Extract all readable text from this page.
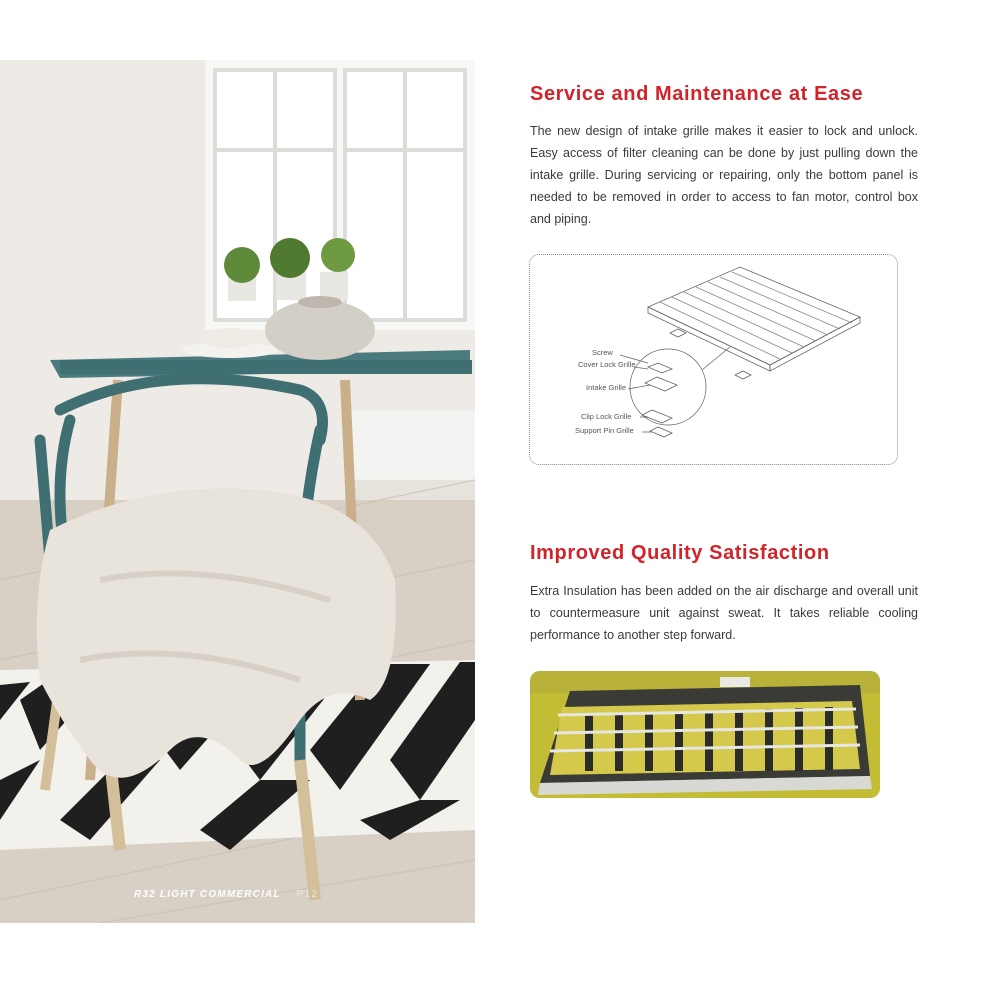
R32 LIGHT COMMERCIAL / P12
Service and Maintenance at Ease

The new design of intake grille makes it easier to lock and unlock. Easy access of filter cleaning can be done by just pulling down the intake grille. During servicing or repairing, only the bottom panel is needed to be removed in order to access to fan motor, control box and piping.

Screw
Cover Lock Grille
Intake Grille
Clip Lock Grille
Support Pin Grille
Improved Quality Satisfaction

Extra Insulation has been added on the air discharge and overall unit to countermeasure unit against sweat. It takes reliable cooling performance to another step forward.
